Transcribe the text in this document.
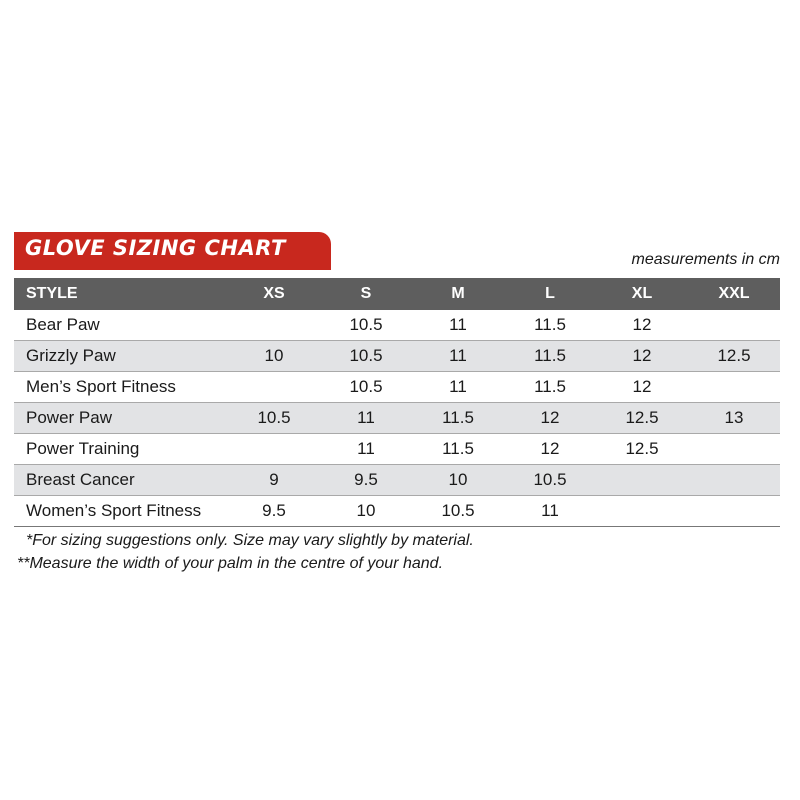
GLOVE SIZING CHART	measurements in cm
STYLE	XS	S	M	L	XL	XXL
Bear Paw		10.5	11	11.5	12	
Grizzly Paw	10	10.5	11	11.5	12	12.5
Men’s Sport Fitness		10.5	11	11.5	12	
Power Paw	10.5	11	11.5	12	12.5	13
Power Training		11	11.5	12	12.5	
Breast Cancer	9	9.5	10	10.5		
Women’s Sport Fitness	9.5	10	10.5	11		
*For sizing suggestions only. Size may vary slightly by material.
**Measure the width of your palm in the centre of your hand.
